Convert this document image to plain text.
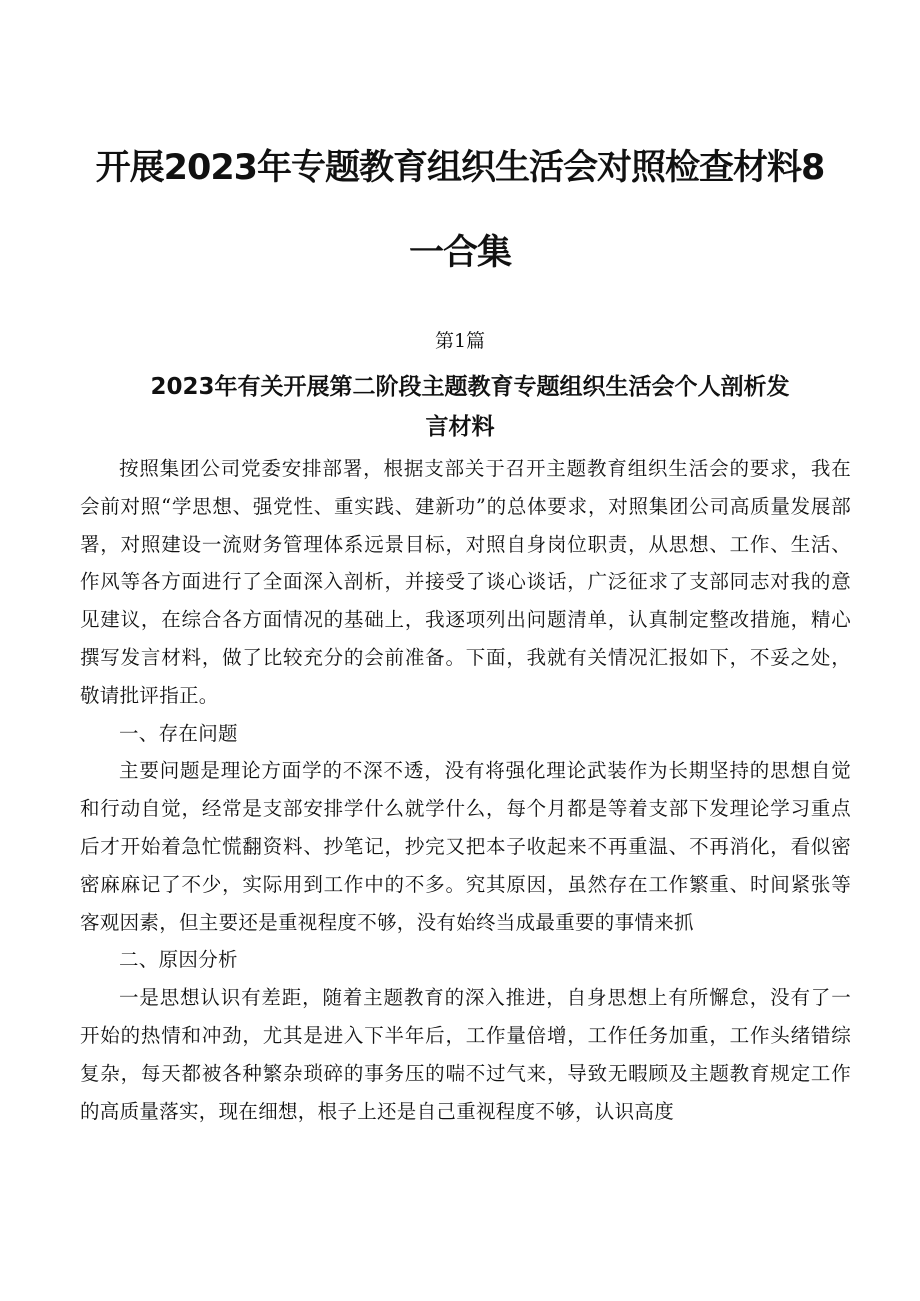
开展2023年专题教育组织生活会对照检查材料8
一合集
第1篇
2023年有关开展第二阶段主题教育专题组织生活会个人剖析发
言材料

按照集团公司党委安排部署，根据支部关于召开主题教育组织生活会的要求，我在会前对照“学思想、强党性、重实践、建新功”的总体要求，对照集团公司高质量发展部署，对照建设一流财务管理体系远景目标，对照自身岗位职责，从思想、工作、生活、作风等各方面进行了全面深入剖析，并接受了谈心谈话，广泛征求了支部同志对我的意见建议，在综合各方面情况的基础上，我逐项列出问题清单，认真制定整改措施，精心撰写发言材料，做了比较充分的会前准备。下面，我就有关情况汇报如下，不妥之处，敬请批评指正。

一、存在问题

主要问题是理论方面学的不深不透，没有将强化理论武装作为长期坚持的思想自觉和行动自觉，经常是支部安排学什么就学什么，每个月都是等着支部下发理论学习重点后才开始着急忙慌翻资料、抄笔记，抄完又把本子收起来不再重温、不再消化，看似密密麻麻记了不少，实际用到工作中的不多。究其原因，虽然存在工作繁重、时间紧张等客观因素，但主要还是重视程度不够，没有始终当成最重要的事情来抓

二、原因分析

一是思想认识有差距，随着主题教育的深入推进，自身思想上有所懈怠，没有了一开始的热情和冲劲，尤其是进入下半年后，工作量倍增，工作任务加重，工作头绪错综复杂，每天都被各种繁杂琐碎的事务压的喘不过气来，导致无暇顾及主题教育规定工作的高质量落实，现在细想，根子上还是自己重视程度不够，认识高度
